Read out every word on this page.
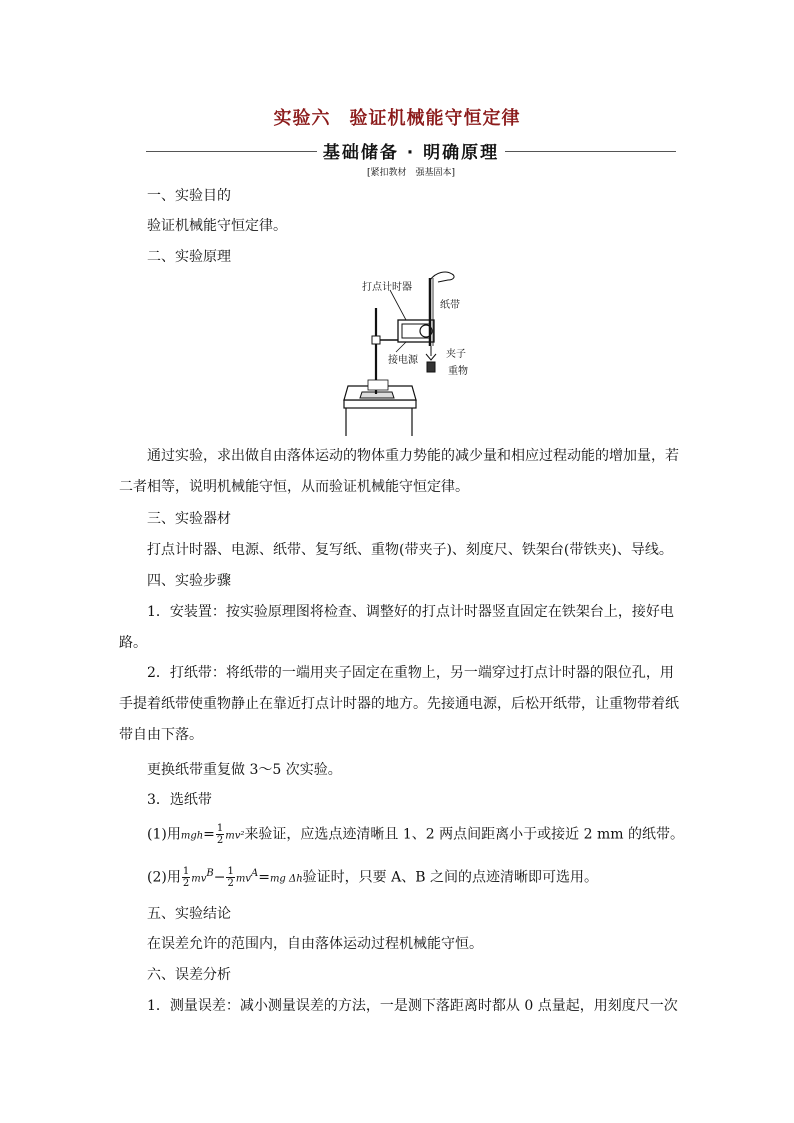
实验六　验证机械能守恒定律
基础储备 · 明确原理
[紧扣教材　强基固本]
一、实验目的
验证机械能守恒定律。
二、实验原理
打点计时器
纸带
接电源
夹子
重物
通过实验，求出做自由落体运动的物体重力势能的减少量和相应过程动能的增加量，若二者相等，说明机械能守恒，从而验证机械能守恒定律。
三、实验器材
打点计时器、电源、纸带、复写纸、重物(带夹子)、刻度尺、铁架台(带铁夹)、导线。
四、实验步骤
1．安装置：按实验原理图将检查、调整好的打点计时器竖直固定在铁架台上，接好电路。
2．打纸带：将纸带的一端用夹子固定在重物上，另一端穿过打点计时器的限位孔，用手提着纸带使重物静止在靠近打点计时器的地方。先接通电源，后松开纸带，让重物带着纸带自由下落。
更换纸带重复做 3～5 次实验。
3．选纸带
(1)用$mgh= \frac{1}{2} mv^2$来验证，应选点迹清晰且 1、2 两点间距离小于或接近 2 mm 的纸带。
(2)用 $\frac{1}{2} mv^B- \frac{1}{2} mv^A=mg$ Δh验证时，只要 A、B 之间的点迹清晰即可选用。
五、实验结论
在误差允许的范围内，自由落体运动过程机械能守恒。
六、误差分析
1．测量误差：减小测量误差的方法，一是测下落距离时都从 0 点量起，用刻度尺一次
